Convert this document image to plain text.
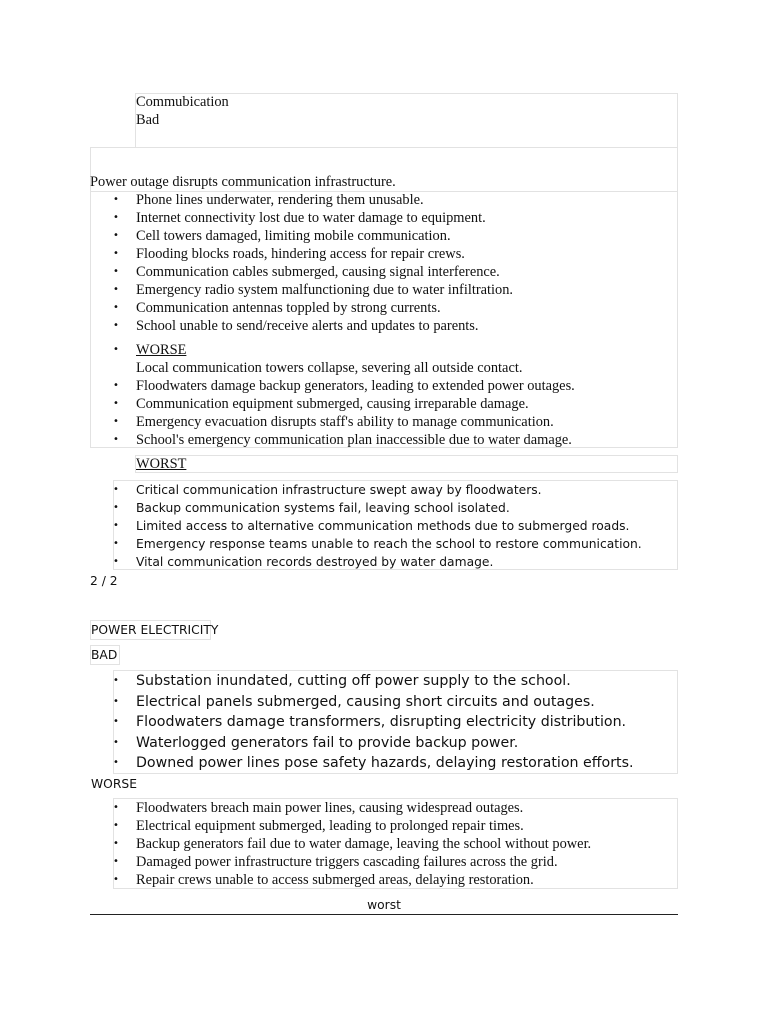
Commubication
Bad
Power outage disrupts communication infrastructure.
• Phone lines underwater, rendering them unusable.
• Internet connectivity lost due to water damage to equipment.
• Cell towers damaged, limiting mobile communication.
• Flooding blocks roads, hindering access for repair crews.
• Communication cables submerged, causing signal interference.
• Emergency radio system malfunctioning due to water infiltration.
• Communication antennas toppled by strong currents.
• School unable to send/receive alerts and updates to parents.
• WORSE
Local communication towers collapse, severing all outside contact.
• Floodwaters damage backup generators, leading to extended power outages.
• Communication equipment submerged, causing irreparable damage.
• Emergency evacuation disrupts staff's ability to manage communication.
• School's emergency communication plan inaccessible due to water damage.
WORST
• Critical communication infrastructure swept away by floodwaters.
• Backup communication systems fail, leaving school isolated.
• Limited access to alternative communication methods due to submerged roads.
• Emergency response teams unable to reach the school to restore communication.
• Vital communication records destroyed by water damage.
2 / 2
POWER ELECTRICITY
BAD
• Substation inundated, cutting off power supply to the school.
• Electrical panels submerged, causing short circuits and outages.
• Floodwaters damage transformers, disrupting electricity distribution.
• Waterlogged generators fail to provide backup power.
• Downed power lines pose safety hazards, delaying restoration efforts.
WORSE
• Floodwaters breach main power lines, causing widespread outages.
• Electrical equipment submerged, leading to prolonged repair times.
• Backup generators fail due to water damage, leaving the school without power.
• Damaged power infrastructure triggers cascading failures across the grid.
• Repair crews unable to access submerged areas, delaying restoration.
worst
